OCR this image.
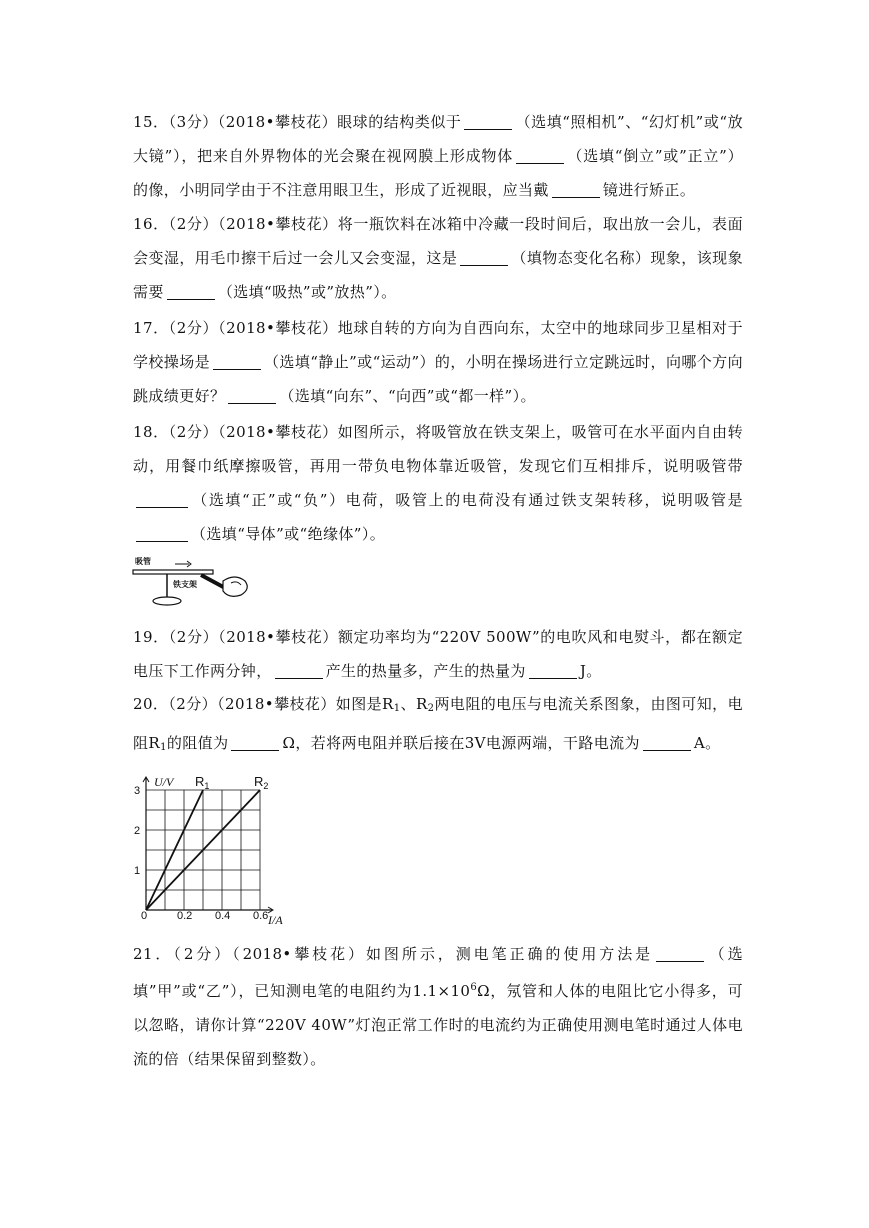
15．（3分）（2018•攀枝花）眼球的结构类似于	（选填“照相机”、“幻灯机”或“放大镜”），把来自外界物体的光会聚在视网膜上形成物体	（选填“倒立”或”正立”）的像，小明同学由于不注意用眼卫生，形成了近视眼，应当戴	镜进行矫正。

16．（2分）（2018•攀枝花）将一瓶饮料在冰箱中冷藏一段时间后，取出放一会儿，表面会变湿，用毛巾擦干后过一会儿又会变湿，这是	（填物态变化名称）现象，该现象需要	（选填“吸热”或”放热”）。

17．（2分）（2018•攀枝花）地球自转的方向为自西向东，太空中的地球同步卫星相对于学校操场是	（选填“静止”或“运动”）的，小明在操场进行立定跳远时，向哪个方向跳成绩更好？	（选填“向东”、“向西”或“都一样”）。

18．（2分）（2018•攀枝花）如图所示，将吸管放在铁支架上，吸管可在水平面内自由转动，用餐巾纸摩擦吸管，再用一带负电物体靠近吸管，发现它们互相排斥，说明吸管带（选填“正”或“负”）电荷，吸管上的电荷没有通过铁支架转移，说明吸管是（选填“导体”或“绝缘体”）。

吸管
铁支架

19．（2分）（2018•攀枝花）额定功率均为“220V 500W”的电吹风和电熨斗，都在额定电压下工作两分钟，	产生的热量多，产生的热量为	J。

20．（2分）（2018•攀枝花）如图是$R_1$、$R_2$两电阻的电压与电流关系图象，由图可知，电阻$R_1$的阻值为	Ω，若将两电阻并联后接在3V电源两端，干路电流为	A。

U/V
I/A
0	0.2 0.4 0.6
1
2
3
$R_1$	$R_2$

21．（2分）（2018•攀枝花）如图所示，测电笔正确的使用方法是	（选填”甲”或“乙”），已知测电笔的电阻约为$1.1\times 10^6\Omega$，氖管和人体的电阻比它小得多，可以忽略，请你计算“220V 40W”灯泡正常工作时的电流约为正确使用测电笔时通过人体电流的倍（结果保留到整数）。
